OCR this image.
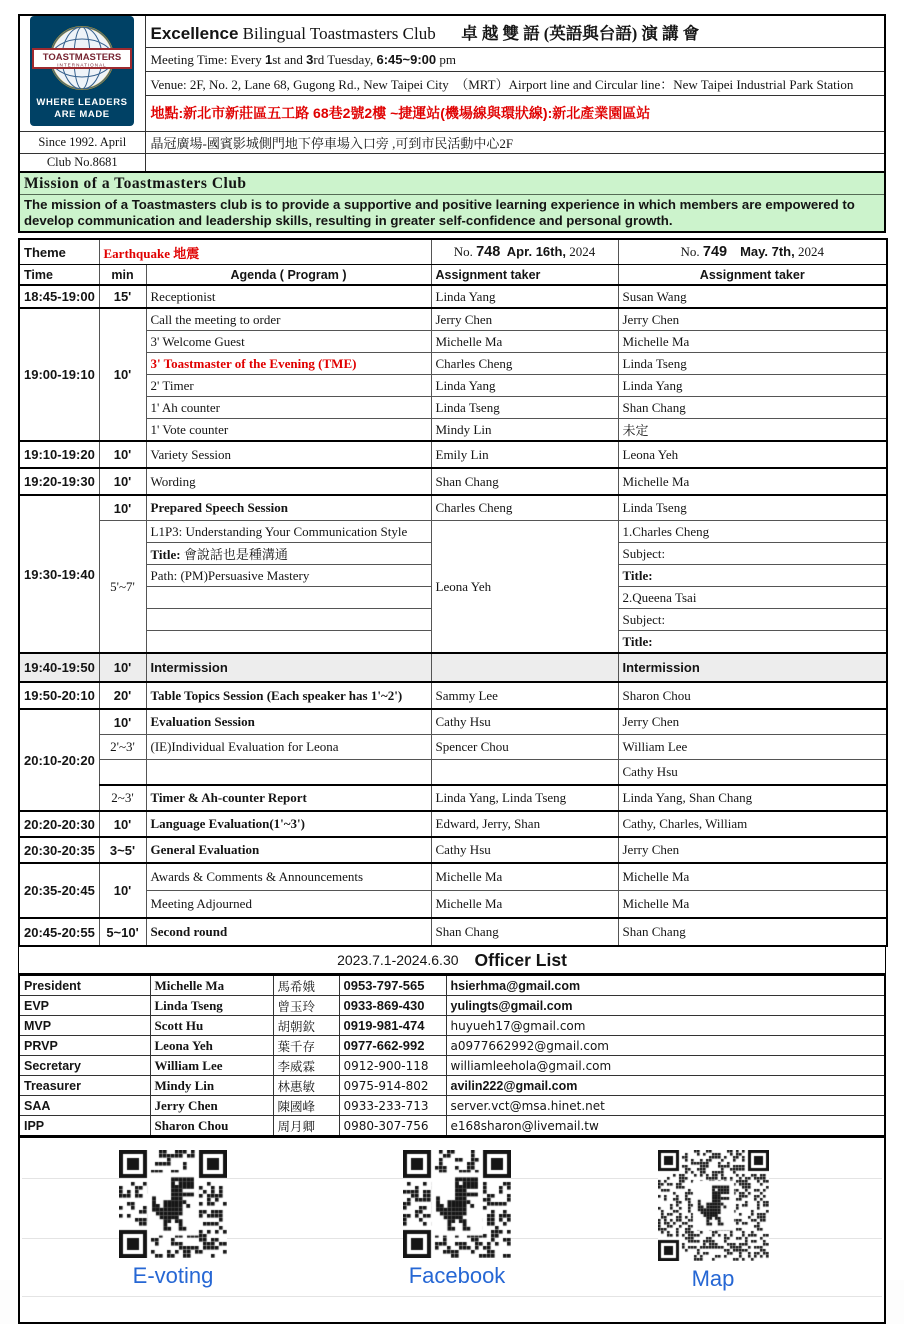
TOASTMASTERS
INTERNATIONAL
WHERE LEADERS
ARE MADE	Excellence Bilingual Toastmasters Club   卓 越 雙 語 (英語與台語) 演 講 會
	Meeting Time: Every 1st and 3rd Tuesday, 6:45~9:00 pm
	Venue: 2F, No. 2, Lane 68, Gugong Rd., New Taipei City　（MRT）Airport line and Circular line：New Taipei Industrial Park Station
	地點:新北市新莊區五工路 68巷2號2樓 ~捷運站(機場線與環狀線):新北產業園區站
Since 1992. April	晶冠廣場-國賓影城側門地下停車場入口旁 ,可到市民活動中心2F
Club No.8681	
Mission of a Toastmasters Club
The mission of a Toastmasters club is to provide a supportive and positive learning experience in which members are empowered to develop communication and leadership skills, resulting in greater self-confidence and personal growth.
Theme	Earthquake 地震		No. 748  Apr. 16th, 2024	No. 749   May. 7th, 2024
Time	min	Agenda ( Program )	Assignment taker	Assignment taker
18:45-19:00	15'	Receptionist	Linda Yang	Susan Wang
19:00-19:10	10'	Call the meeting to order	Jerry Chen	Jerry Chen
		3' Welcome Guest	Michelle Ma	Michelle Ma
		3' Toastmaster of the Evening (TME)	Charles Cheng	Linda Tseng
		2' Timer	Linda Yang	Linda Yang
		1' Ah counter	Linda Tseng	Shan Chang
		1' Vote counter	Mindy Lin	未定
19:10-19:20	10'	Variety Session	Emily Lin	Leona Yeh
19:20-19:30	10'	Wording	Shan Chang	Michelle Ma
19:30-19:40	10'	Prepared Speech Session	Charles Cheng	Linda Tseng
	5'~7'	L1P3: Understanding Your Communication Style	Leona Yeh	1.Charles Cheng
		Title: 會說話也是種溝通		Subject:
		Path: (PM)Persuasive Mastery		Title:
				2.Queena Tsai
				Subject:
				Title:
19:40-19:50	10'	Intermission		Intermission
19:50-20:10	20'	Table Topics Session (Each speaker has 1'~2')	Sammy Lee	Sharon Chou
20:10-20:20	10'	Evaluation Session	Cathy Hsu	Jerry Chen
	2'~3'	(IE)Individual Evaluation for Leona	Spencer Chou	William Lee
				Cathy Hsu
	2~3'	Timer & Ah-counter Report	Linda Yang, Linda Tseng	Linda Yang, Shan Chang
20:20-20:30	10'	Language Evaluation(1'~3')	Edward, Jerry, Shan	Cathy, Charles, William
20:30-20:35	3~5'	General Evaluation	Cathy Hsu	Jerry Chen
20:35-20:45	10'	Awards & Comments & Announcements	Michelle Ma	Michelle Ma
		Meeting Adjourned	Michelle Ma	Michelle Ma
20:45-20:55	5~10'	Second round	Shan Chang	Shan Chang
2023.7.1-2024.6.30 Officer List
President	Michelle Ma	馬希娥	0953-797-565	hsierhma@gmail.com
EVP	Linda Tseng	曾玉玲	0933-869-430	yulingts@gmail.com
MVP	Scott Hu	胡朝欽	0919-981-474	huyueh17@gmail.com
PRVP	Leona Yeh	葉千存	0977-662-992	a0977662992@gmail.com
Secretary	William Lee	李威霖	0912-900-118	williamleehola@gmail.com
Treasurer	Mindy Lin	林惠敏	0975-914-802	avilin222@gmail.com
SAA	Jerry Chen	陳國峰	0933-233-713	server.vct@msa.hinet.net
IPP	Sharon Chou	周月卿	0980-307-756	e168sharon@livemail.tw
E-voting	Facebook	Map
